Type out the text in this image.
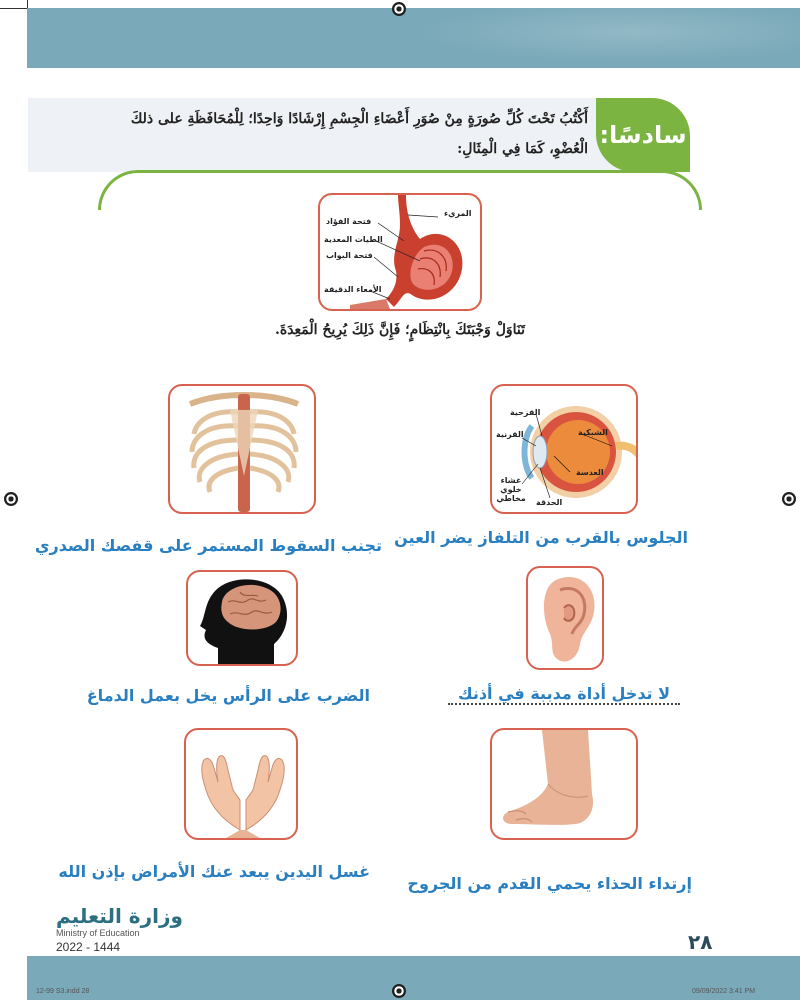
سادسًا:
أَكْتُبُ تَحْتَ كُلِّ صُورَةٍ مِنْ صُوَرِ أَعْضَاءِ الْجِسْمِ إِرْشَادًا وَاحِدًا؛ لِلْمُحَافَظَةِ على ذلكَ الْعُضْوِ، كَمَا فِي الْمِثَالِ:
المريء
فتحة الفؤاد
الطيات المعدية
فتحة البواب
الأمعاء الدقيقة
تَنَاوَلْ وَجْبَتَكَ بِانْتِظَامٍ؛ فَإِنَّ ذَلِكَ يُرِيحُ الْمَعِدَةَ.
القزحية
القرنية	الشبكية
العدسة
غشاء خلوي مخاطي الحدقة
تجنب السقوط المستمر على قفصك الصدري الجلوس بالقرب من التلفاز يضر العين
الضرب على الرأس يخل بعمل الدماغ	لا تدخل أداة مدببة في أذنك
غسل اليدين يبعد عنك الأمراض بإذن الله
إرتداء الحذاء يحمي القدم من الجروح
وزارة التعليم
Ministry of Education
2022 - 1444	٢٨
12-99 S3.indd 28	09/09/2022 3:41 PM
